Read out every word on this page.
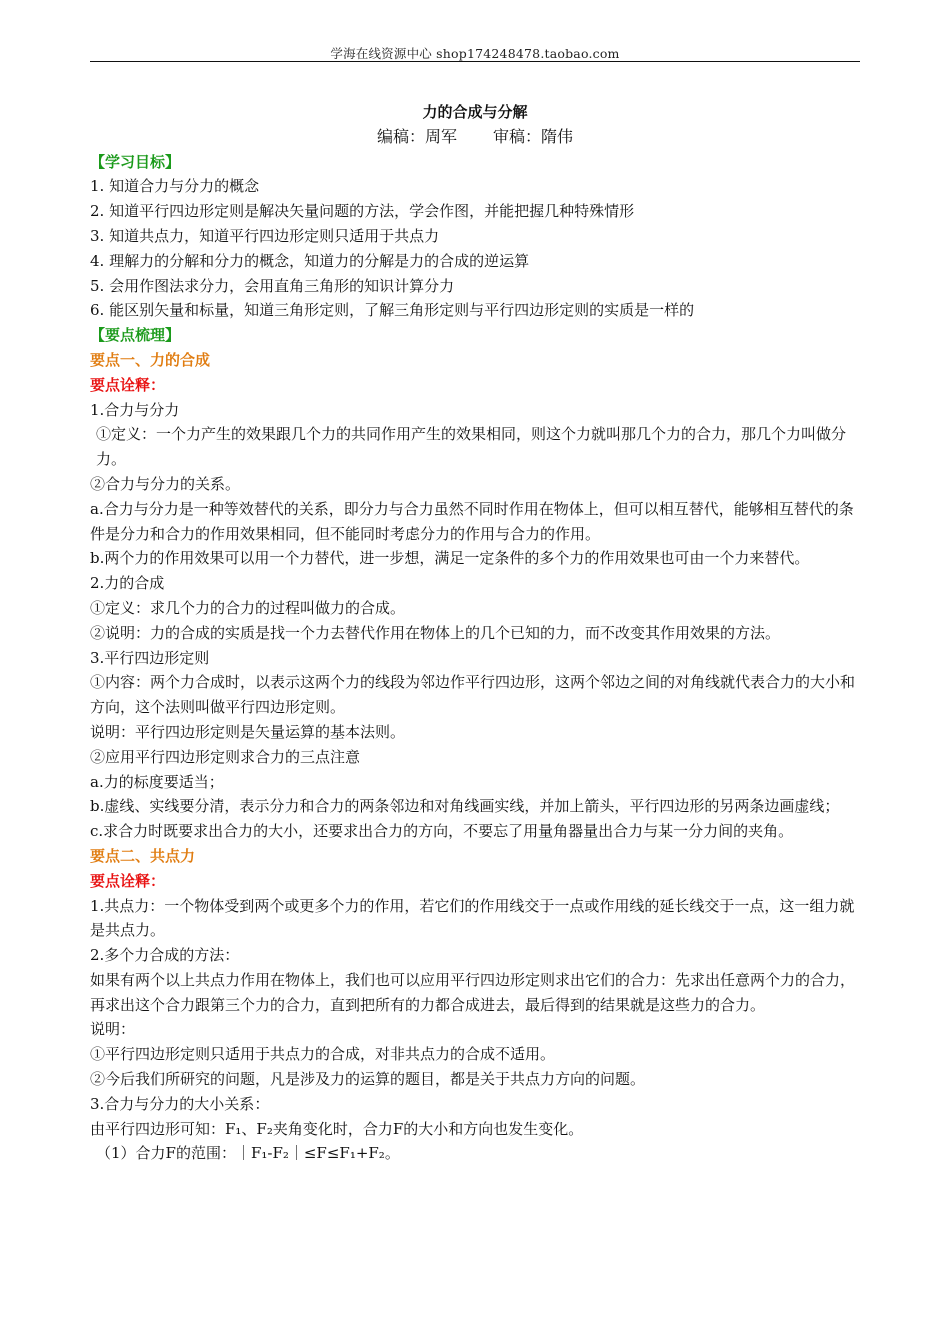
学海在线资源中心 shop174248478.taobao.com

力的合成与分解

编稿：周军 审稿：隋伟

【学习目标】

1. 知道合力与分力的概念

2. 知道平行四边形定则是解决矢量问题的方法，学会作图，并能把握几种特殊情形

3. 知道共点力，知道平行四边形定则只适用于共点力

4. 理解力的分解和分力的概念，知道力的分解是力的合成的逆运算

5. 会用作图法求分力，会用直角三角形的知识计算分力

6. 能区别矢量和标量，知道三角形定则，了解三角形定则与平行四边形定则的实质是一样的

【要点梳理】

要点一、力的合成

要点诠释：

1.合力与分力

①定义：一个力产生的效果跟几个力的共同作用产生的效果相同，则这个力就叫那几个力的合力，那几个力叫做分力。

②合力与分力的关系。

a.合力与分力是一种等效替代的关系，即分力与合力虽然不同时作用在物体上，但可以相互替代，能够相互替代的条件是分力和合力的作用效果相同，但不能同时考虑分力的作用与合力的作用。

b.两个力的作用效果可以用一个力替代，进一步想，满足一定条件的多个力的作用效果也可由一个力来替代。

2.力的合成

①定义：求几个力的合力的过程叫做力的合成。

②说明：力的合成的实质是找一个力去替代作用在物体上的几个已知的力，而不改变其作用效果的方法。

3.平行四边形定则

①内容：两个力合成时，以表示这两个力的线段为邻边作平行四边形，这两个邻边之间的对角线就代表合力的大小和方向，这个法则叫做平行四边形定则。

说明：平行四边形定则是矢量运算的基本法则。

②应用平行四边形定则求合力的三点注意

a.力的标度要适当；

b.虚线、实线要分清，表示分力和合力的两条邻边和对角线画实线，并加上箭头，平行四边形的另两条边画虚线；

c.求合力时既要求出合力的大小，还要求出合力的方向，不要忘了用量角器量出合力与某一分力间的夹角。

要点二、共点力

要点诠释：

1.共点力：一个物体受到两个或更多个力的作用，若它们的作用线交于一点或作用线的延长线交于一点，这一组力就是共点力。

2.多个力合成的方法：

如果有两个以上共点力作用在物体上，我们也可以应用平行四边形定则求出它们的合力：先求出任意两个力的合力，再求出这个合力跟第三个力的合力，直到把所有的力都合成进去，最后得到的结果就是这些力的合力。

说明：

①平行四边形定则只适用于共点力的合成，对非共点力的合成不适用。

②今后我们所研究的问题，凡是涉及力的运算的题目，都是关于共点力方向的问题。

3.合力与分力的大小关系：

由平行四边形可知：F₁、F₂夹角变化时，合力F的大小和方向也发生变化。

（1）合力F的范围：｜F₁-F₂｜≤F≤F₁+F₂。
